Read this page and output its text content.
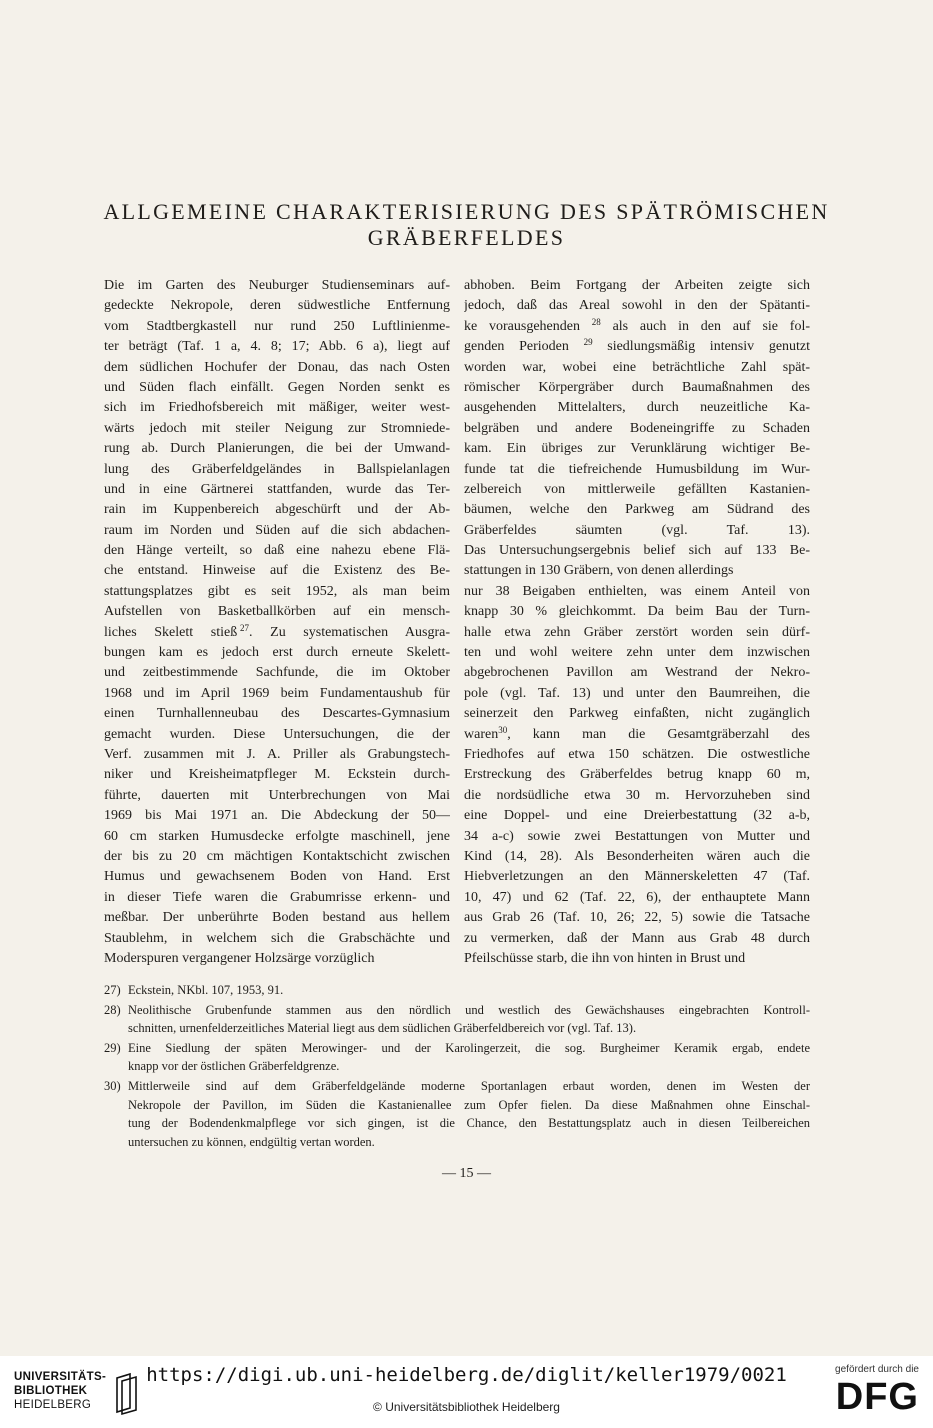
ALLGEMEINE CHARAKTERISIERUNG DES SPÄTRÖMISCHEN
GRÄBERFELDES
Die im Garten des Neuburger Studienseminars auf-
gedeckte Nekropole, deren südwestliche Entfernung
vom Stadtbergkastell nur rund 250 Luftlinienme-
ter beträgt (Taf. 1 a, 4. 8; 17; Abb. 6 a), liegt auf
dem südlichen Hochufer der Donau, das nach Osten
und Süden flach einfällt. Gegen Norden senkt es
sich im Friedhofsbereich mit mäßiger, weiter west-
wärts jedoch mit steiler Neigung zur Stromniede-
rung ab. Durch Planierungen, die bei der Umwand-
lung des Gräberfeldgeländes in Ballspielanlagen
und in eine Gärtnerei stattfanden, wurde das Ter-
rain im Kuppenbereich abgeschürft und der Ab-
raum im Norden und Süden auf die sich abdachen-
den Hänge verteilt, so daß eine nahezu ebene Flä-
che entstand. Hinweise auf die Existenz des Be-
stattungsplatzes gibt es seit 1952, als man beim
Aufstellen von Basketballkörben auf ein mensch-
liches Skelett stieß  $^{27}$. Zu systematischen Ausgra-
bungen kam es jedoch erst durch erneute Skelett-
und zeitbestimmende Sachfunde, die im Oktober
1968 und im April 1969 beim Fundamentaushub für
einen Turnhallenneubau des Descartes-Gymnasium
gemacht wurden. Diese Untersuchungen, die der
Verf. zusammen mit J. A. Priller als Grabungstech-
niker und Kreisheimatpfleger M. Eckstein durch-
führte, dauerten mit Unterbrechungen von Mai
1969 bis Mai 1971 an. Die Abdeckung der 50—
60 cm starken Humusdecke erfolgte maschinell, jene
der bis zu 20 cm mächtigen Kontaktschicht zwischen
Humus und gewachsenem Boden von Hand. Erst
in dieser Tiefe waren die Grabumrisse erkenn- und
meßbar. Der unberührte Boden bestand aus hellem
Staublehm, in welchem sich die Grabschächte und
Moderspuren vergangener Holzsärge vorzüglich
abhoben. Beim Fortgang der Arbeiten zeigte sich
jedoch, daß das Areal sowohl in den der Spätanti-
ke vorausgehenden $^{28}$ als auch in den auf sie fol-
genden Perioden $^{29}$ siedlungsmäßig intensiv genutzt
worden war, wobei eine beträchtliche Zahl spät-
römischer Körpergräber durch Baumaßnahmen des
ausgehenden Mittelalters, durch neuzeitliche Ka-
belgräben und andere Bodeneingriffe zu Schaden
kam. Ein übriges zur Verunklärung wichtiger Be-
funde tat die tiefreichende Humusbildung im Wur-
zelbereich von mittlerweile gefällten Kastanien-
bäumen, welche den Parkweg am Südrand des
Gräberfeldes säumten (vgl. Taf. 13).
Das Untersuchungsergebnis belief sich auf 133 Be-
stattungen in 130 Gräbern, von denen allerdings
nur 38 Beigaben enthielten, was einem Anteil von
knapp 30 % gleichkommt. Da beim Bau der Turn-
halle etwa zehn Gräber zerstört worden sein dürf-
ten und wohl weitere zehn unter dem inzwischen
abgebrochenen Pavillon am Westrand der Nekro-
pole (vgl. Taf. 13) und unter den Baumreihen, die
seinerzeit den Parkweg einfaßten, nicht zugänglich
waren$^{30}$, kann man die Gesamtgräberzahl des
Friedhofes auf etwa 150 schätzen. Die ostwestliche
Erstreckung des Gräberfeldes betrug knapp 60 m,
die nordsüdliche etwa 30 m. Hervorzuheben sind
eine Doppel- und eine Dreierbestattung (32 a-b,
34 a-c) sowie zwei Bestattungen von Mutter und
Kind (14, 28). Als Besonderheiten wären auch die
Hiebverletzungen an den Männerskeletten 47 (Taf.
10, 47) und 62 (Taf. 22, 6), der enthauptete Mann
aus Grab 26 (Taf. 10, 26; 22, 5) sowie die Tatsache
zu vermerken, daß der Mann aus Grab 48 durch
Pfeilschüsse starb, die ihn von hinten in Brust und
27) Eckstein, NKbl. 107, 1953, 91.
28) Neolithische Grubenfunde stammen aus den nördlich und westlich des Gewächshauses eingebrachten Kontroll-
schnitten, urnenfelderzeitliches Material liegt aus dem südlichen Gräberfeldbereich vor (vgl. Taf. 13).
29) Eine Siedlung der späten Merowinger- und der Karolingerzeit, die sog. Burgheimer Keramik ergab, endete
knapp vor der östlichen Gräberfeldgrenze.
30) Mittlerweile sind auf dem Gräberfeldgelände moderne Sportanlagen erbaut worden, denen im Westen der
Nekropole der Pavillon, im Süden die Kastanienallee zum Opfer fielen. Da diese Maßnahmen ohne Einschal-
tung der Bodendenkmalpflege vor sich gingen, ist die Chance, den Bestattungsplatz auch in diesen Teilbereichen
untersuchen zu können, endgültig vertan worden.
— 15 —
UNIVERSITÄTS-
BIBLIOTHEK
HEIDELBERG
https://digi.ub.uni-heidelberg.de/diglit/keller1979/0021
© Universitätsbibliothek Heidelberg
gefördert durch die
DFG
